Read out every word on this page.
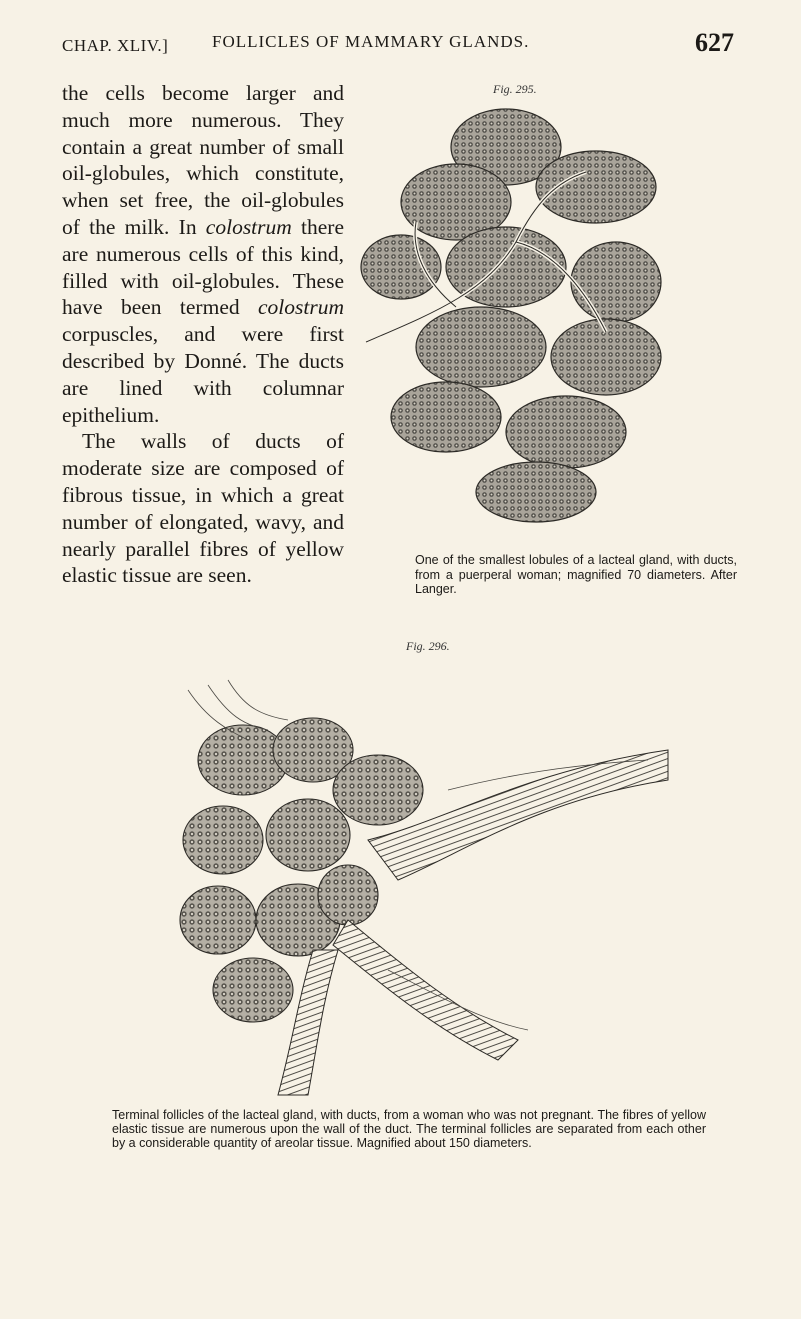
CHAP. XLIV.]	FOLLICLES OF MAMMARY GLANDS.	627

the cells become larger and much more numerous. They contain a great number of small oil-globules, which constitute, when set free, the oil-globules of the milk. In colostrum there are numerous cells of this kind, filled with oil-globules. These have been termed colostrum corpuscles, and were first described by Donné. The ducts are lined with columnar epithelium.

The walls of ducts of moderate size are composed of fibrous tissue, in which a great number of elongated, wavy, and nearly parallel fibres of yellow elastic tissue are seen.

Fig. 295.
One of the smallest lobules of a lacteal gland, with ducts, from a puerperal woman; magnified 70 diameters. After Langer.
Fig. 296.

Terminal follicles of the lacteal gland, with ducts, from a woman who was not pregnant. The fibres of yellow elastic tissue are numerous upon the wall of the duct. The terminal follicles are separated from each other by a considerable quantity of areolar tissue. Magnified about 150 diameters.
